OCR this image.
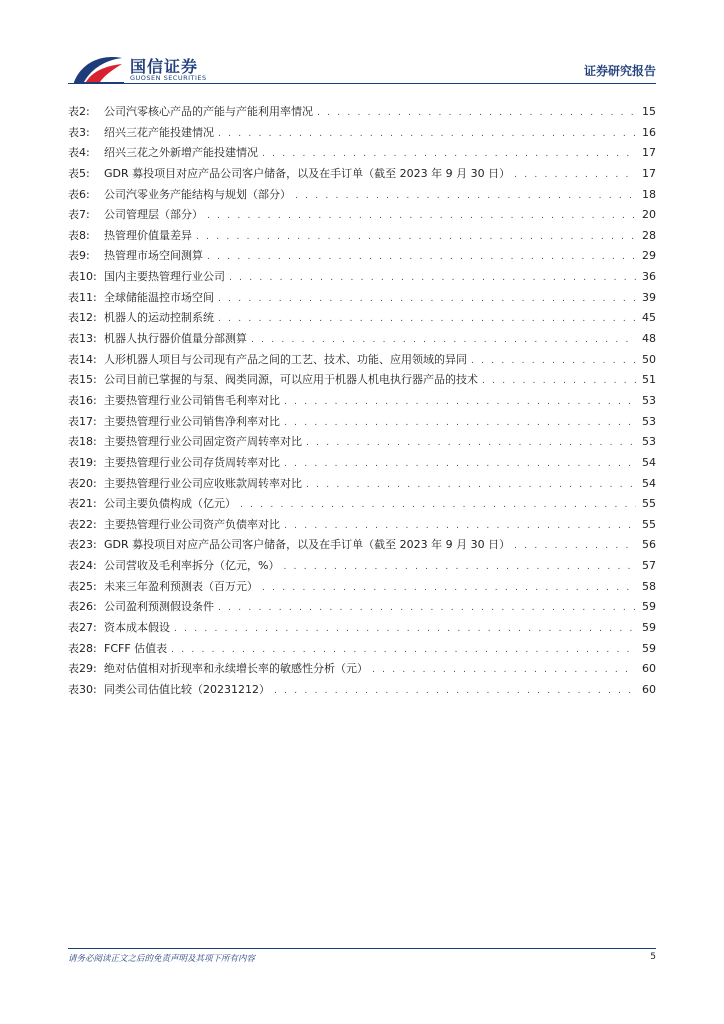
国信证券
GUOSEN SECURITIES	证券研究报告
表2:	公司汽零核心产品的产能与产能利用率情况 . . .	15
表3:	绍兴三花产能投建情况 . . .	16
表4:	绍兴三花之外新增产能投建情况 . . .	17
表5:	GDR 募投项目对应产品公司客户储备，以及在手订单（截至 2023 年 9 月 30 日） . . .	17
表6:	公司汽零业务产能结构与规划（部分） . . .	18
表7:	公司管理层（部分） . . .	20
表8:	热管理价值量差异 . . .	28
表9:	热管理市场空间测算 . . .	29
表10: 国内主要热管理行业公司 . . .	36
表11: 全球储能温控市场空间 . . .	39
表12: 机器人的运动控制系统 . . .	45
表13: 机器人执行器价值量分部测算 . . .	48
表14: 人形机器人项目与公司现有产品之间的工艺、技术、功能、应用领域的异同 . . .	50
表15: 公司目前已掌握的与泵、阀类同源，可以应用于机器人机电执行器产品的技术 . . .	51
表16: 主要热管理行业公司销售毛利率对比 . . .	53
表17: 主要热管理行业公司销售净利率对比 . . .	53
表18: 主要热管理行业公司固定资产周转率对比 . . .	53
表19: 主要热管理行业公司存货周转率对比 . . .	54
表20: 主要热管理行业公司应收账款周转率对比 . . .	54
表21: 公司主要负债构成（亿元） . . .	55
表22: 主要热管理行业公司资产负债率对比 . . .	55
表23: GDR 募投项目对应产品公司客户储备，以及在手订单（截至 2023 年 9 月 30 日） . . .	56
表24: 公司营收及毛利率拆分（亿元，%） . . .	57
表25: 未来三年盈利预测表（百万元） . . .	58
表26: 公司盈利预测假设条件 . . .	59
表27: 资本成本假设 . . .	59
表28: FCFF 估值表 . . .	59
表29: 绝对估值相对折现率和永续增长率的敏感性分析（元） . . .	60
表30: 同类公司估值比较（20231212） . . .	60
请务必阅读正文之后的免责声明及其项下所有内容	5
